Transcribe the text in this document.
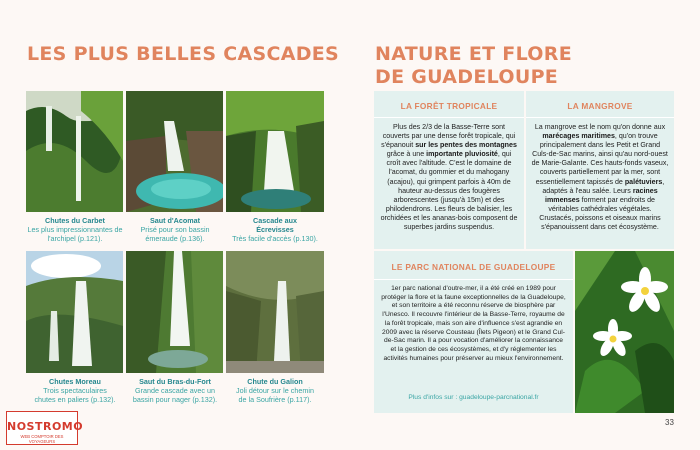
LES PLUS BELLES CASCADES NATURE ET FLORE
DE GUADELOUPE
Chutes du Carbet
Les plus impressionnantes de l'archipel (p.121).
Saut d'Acomat
Prisé pour son bassin émeraude (p.136).
Cascade aux
Écrevisses
Très facile d'accès (p.130).
Chutes Moreau
Trois spectaculaires
chutes en paliers (p.132).
Saut du Bras-du-Fort
Grande cascade avec un
bassin pour nager (p.132).
Chute du Galion
Joli détour sur le chemin
de la Soufrière (p.117).
LA FORÊT TROPICALE
Plus des 2/3 de la Basse-Terre sont couverts par une dense forêt tropicale, qui s'épanouit sur les pentes des montagnes grâce à une importante pluviosité, qui croît avec l'altitude. C'est le domaine de l'acomat, du gommier et du mahogany (acajou), qui grimpent parfois à 40m de hauteur au-dessus des fougères arborescentes (jusqu'à 15m) et des philodendrons. Les fleurs de balisier, les orchidées et les ananas-bois composent de superbes jardins suspendus.
LA MANGROVE
La mangrove est le nom qu'on donne aux marécages maritimes, qu'on trouve principalement dans les Petit et Grand Culs-de-Sac marins, ainsi qu'au nord-ouest de Marie-Galante. Ces hauts-fonds vaseux, couverts partiellement par la mer, sont essentiellement tapissés de palétuviers, adaptés à l'eau salée. Leurs racines immenses forment par endroits de véritables cathédrales végétales. Crustacés, poissons et oiseaux marins s'épanouissent dans cet écosystème.
LE PARC NATIONAL DE GUADELOUPE
1er parc national d'outre-mer, il a été créé en 1989 pour protéger la flore et la faune exceptionnelles de la Guadeloupe, et son territoire a été reconnu réserve de biosphère par l'Unesco. Il recouvre l'intérieur de la Basse-Terre, royaume de la forêt tropicale, mais son aire d'influence s'est agrandie en 2009 avec la réserve Cousteau (Îlets Pigeon) et le Grand Cul-de-Sac marin. Il a pour vocation d'améliorer la connaissance et la gestion de ces écosystèmes, et d'y réglementer les activités humaines pour préserver au mieux l'environnement.
Plus d'infos sur : guadeloupe-parcnational.fr
NOSTROMO
WEB COMPTOIR DES VOYAGEURS
33
